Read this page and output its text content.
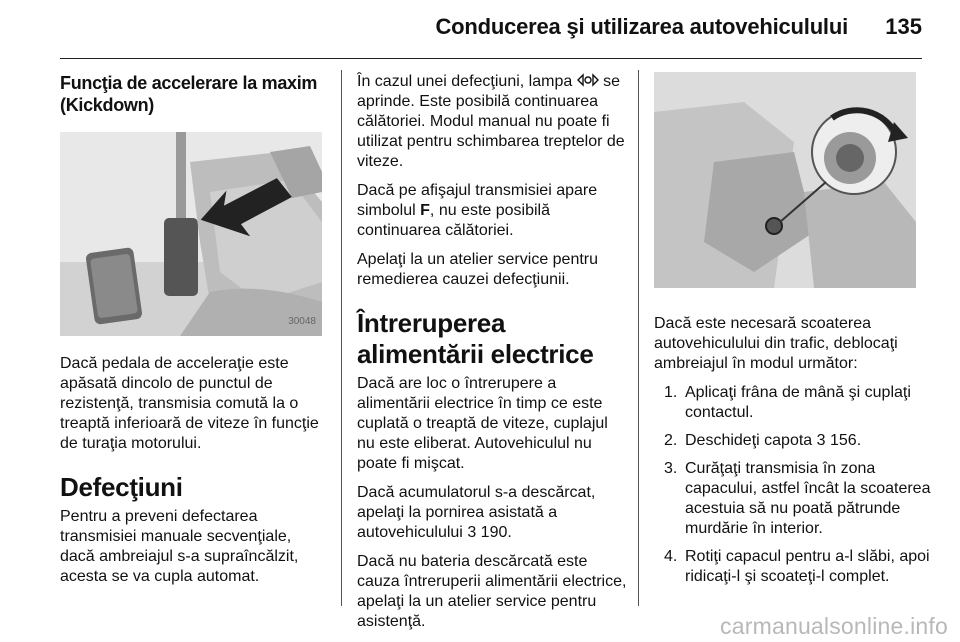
Conducerea şi utilizarea autovehiculului 135
Funcţia de accelerare la maxim (Kickdown)
30048

Dacă pedala de acceleraţie este apăsată dincolo de punctul de rezistenţă, transmisia comută la o treaptă inferioară de viteze în funcţie de turaţia motorului.

Defecţiuni

Pentru a preveni defectarea transmisiei manuale secvenţiale, dacă ambreiajul s-a supraîncălzit, acesta se va cupla automat.

În cazul unei defecţiuni, lampa se aprinde. Este posibilă continuarea călătoriei. Modul manual nu poate fi utilizat pentru schimbarea treptelor de viteze.

Dacă pe afişajul transmisiei apare simbolul F, nu este posibilă continuarea călătoriei.

Apelaţi la un atelier service pentru remedierea cauzei defecţiunii.

Întreruperea alimentării electrice

Dacă are loc o întrerupere a alimentării electrice în timp ce este cuplată o treaptă de viteze, cuplajul nu este eliberat. Autovehiculul nu poate fi mişcat.

Dacă acumulatorul s-a descărcat, apelaţi la pornirea asistată a autovehiculului 3 190.

Dacă nu bateria descărcată este cauza întreruperii alimentării electrice, apelaţi la un atelier service pentru asistenţă.

Dacă este necesară scoaterea autovehiculului din trafic, deblocaţi ambreiajul în modul următor:

1. Aplicaţi frâna de mână şi cuplaţi contactul.
2. Deschideţi capota 3 156.
3. Curăţaţi transmisia în zona capacului, astfel încât la scoaterea acestuia să nu poată pătrunde murdărie în interior.
4. Rotiţi capacul pentru a-l slăbi, apoi ridicaţi-l şi scoateţi-l complet.
carmanualsonline.info
